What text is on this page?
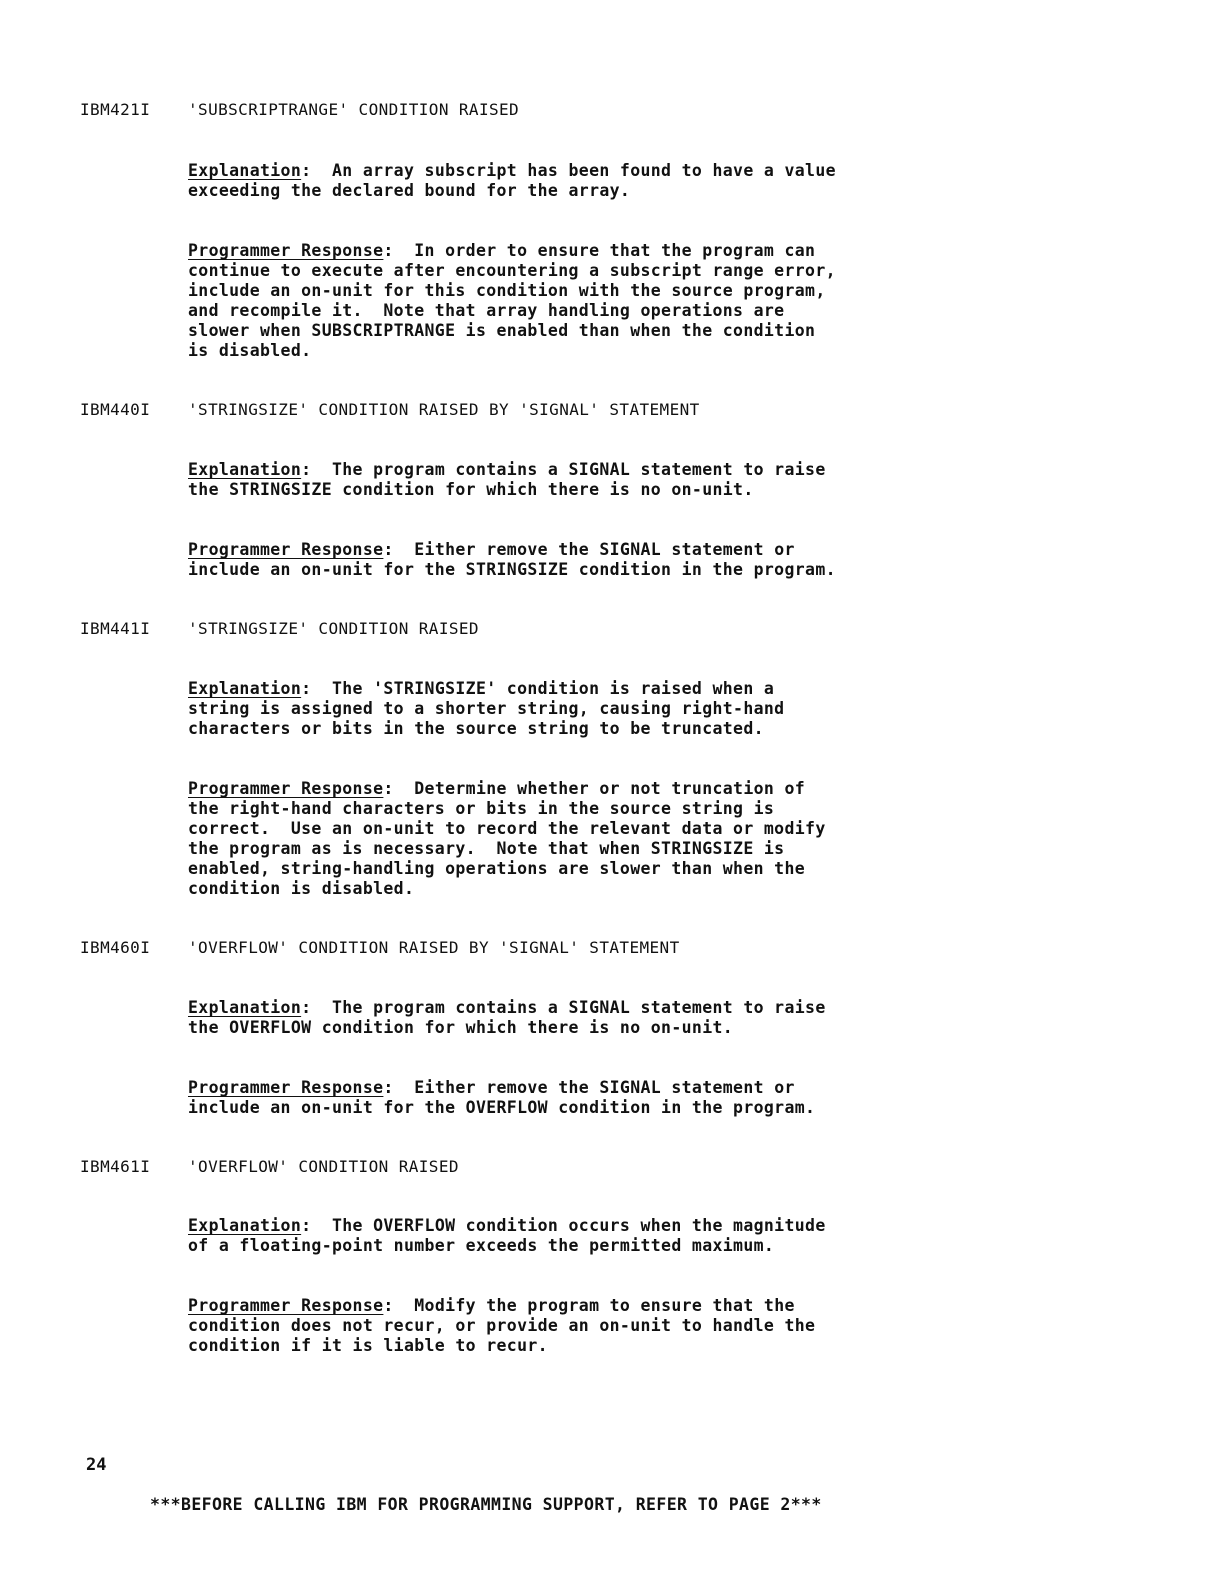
IBM421I

'SUBSCRIPTRANGE' CONDITION RAISED

Explanation:  An array subscript has been found to have a value
exceeding the declared bound for the array.
Programmer Response:  In order to ensure that the program can
continue to execute after encountering a subscript range error,
include an on-unit for this condition with the source program,
and recompile it.  Note that array handling operations are
slower when SUBSCRIPTRANGE is enabled than when the condition
is disabled.

IBM440I

'STRINGSIZE' CONDITION RAISED BY 'SIGNAL' STATEMENT

Explanation:  The program contains a SIGNAL statement to raise
the STRINGSIZE condition for which there is no on-unit.
Programmer Response:  Either remove the SIGNAL statement or
include an on-unit for the STRINGSIZE condition in the program.

IBM441I

'STRINGSIZE' CONDITION RAISED

Explanation:  The 'STRINGSIZE' condition is raised when a
string is assigned to a shorter string, causing right-hand
characters or bits in the source string to be truncated.
Programmer Response:  Determine whether or not truncation of
the right-hand characters or bits in the source string is
correct.  Use an on-unit to record the relevant data or modify
the program as is necessary.  Note that when STRINGSIZE is
enabled, string-handling operations are slower than when the
condition is disabled.

IBM460I

'OVERFLOW' CONDITION RAISED BY 'SIGNAL' STATEMENT

Explanation:  The program contains a SIGNAL statement to raise
the OVERFLOW condition for which there is no on-unit.
Programmer Response:  Either remove the SIGNAL statement or
include an on-unit for the OVERFLOW condition in the program.

IBM461I

'OVERFLOW' CONDITION RAISED

Explanation:  The OVERFLOW condition occurs when the magnitude
of a floating-point number exceeds the permitted maximum.
Programmer Response:  Modify the program to ensure that the
condition does not recur, or provide an on-unit to handle the
condition if it is liable to recur.
24
***BEFORE CALLING IBM FOR PROGRAMMING SUPPORT, REFER TO PAGE 2***
